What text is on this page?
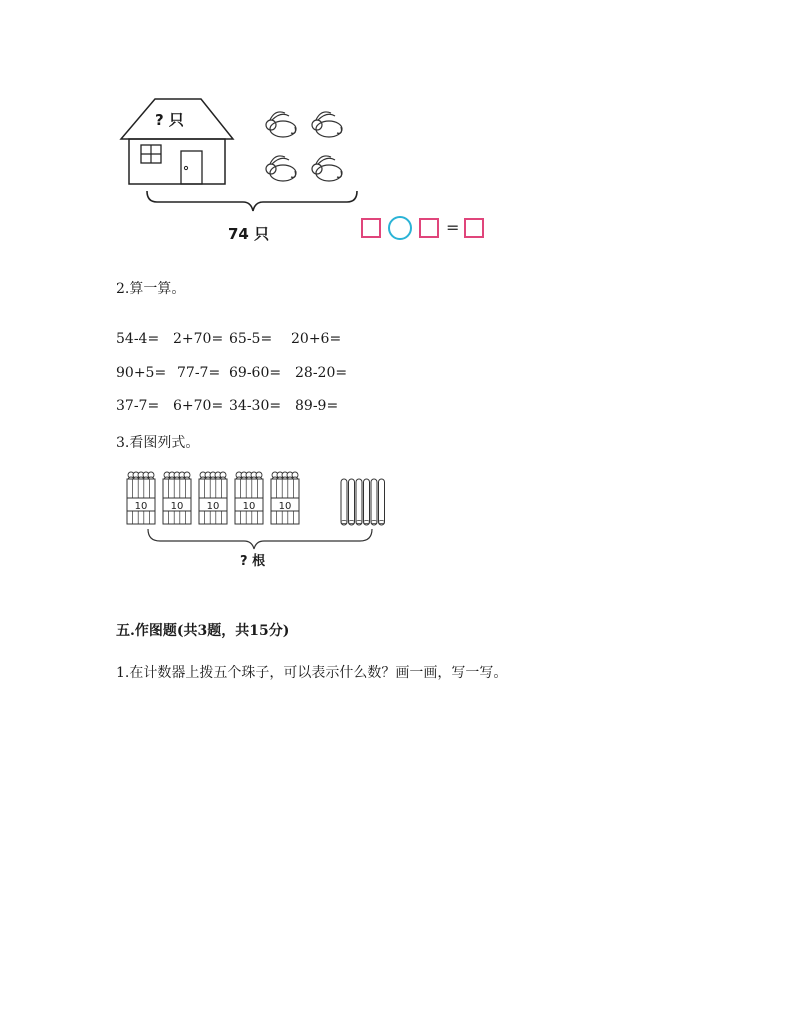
? 只
74 只	=
2.算一算。
54-4= 2+70= 65-5= 20+6=
90+5= 77-7= 69-60= 28-20=
37-7= 6+70= 34-30= 89-9=
3.看图列式。
10 10 10 10 10
? 根
五.作图题(共3题，共15分)
1.在计数器上拨五个珠子，可以表示什么数？画一画，写一写。
